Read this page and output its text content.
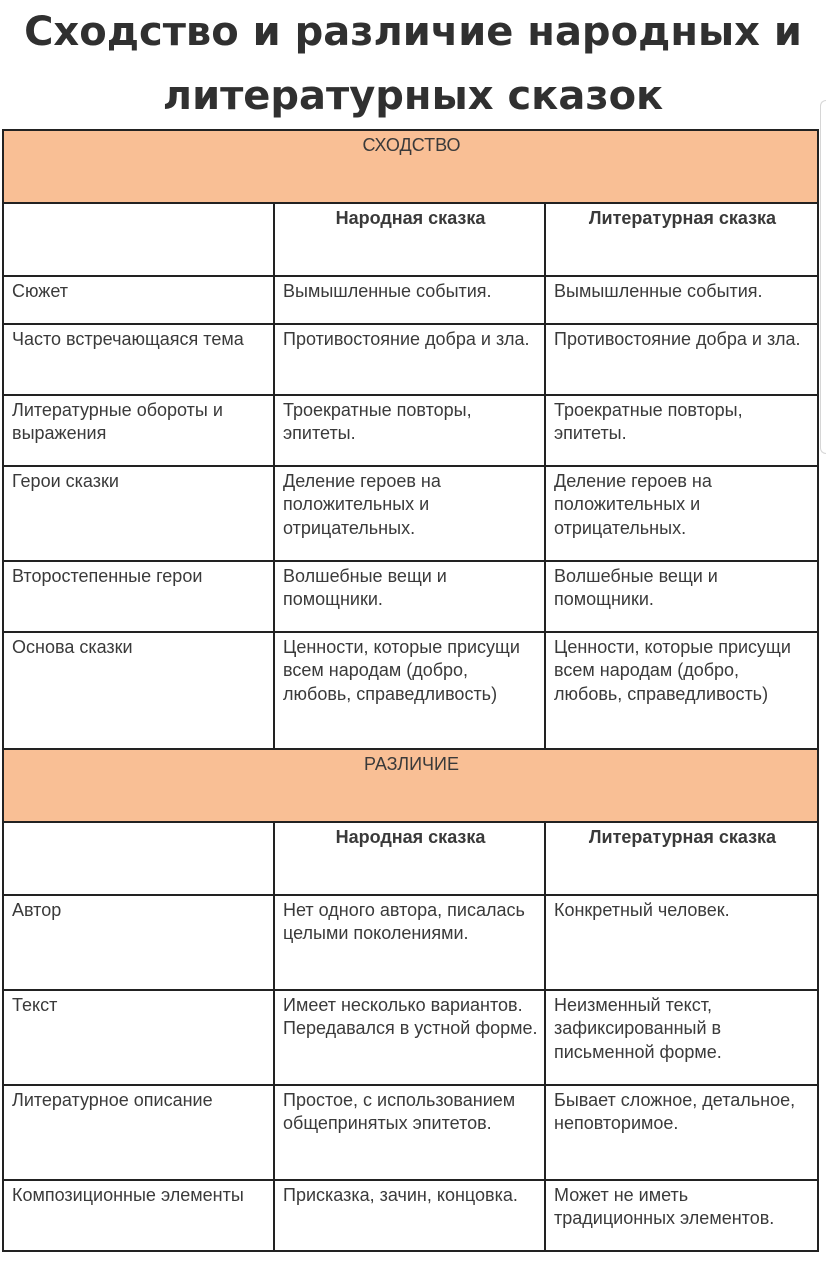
Сходство и различие народных и
литературных сказок
СХОДСТВО		
	Народная сказка	Литературная сказка
Сюжет	Вымышленные события.	Вымышленные события.
Часто встречающаяся тема	Противостояние добра и зла.	Противостояние добра и зла.
Литературные обороты и выражения	Троекратные повторы, эпитеты.	Троекратные повторы, эпитеты.
Герои сказки	Деление героев на положительных и отрицательных.	Деление героев на положительных и отрицательных.
Второстепенные герои	Волшебные вещи и помощники.	Волшебные вещи и помощники.
Основа сказки	Ценности, которые присущи всем народам (добро, любовь, справедливость)	Ценности, которые присущи всем народам (добро, любовь, справедливость)
РАЗЛИЧИЕ		
	Народная сказка	Литературная сказка
Автор	Нет одного автора, писалась целыми поколениями.	Конкретный человек.
Текст	Имеет несколько вариантов. Передавался в устной форме.	Неизменный текст, зафиксированный в письменной форме.
Литературное описание	Простое, с использованием общепринятых эпитетов.	Бывает сложное, детальное, неповторимое.
Композиционные элементы	Присказка, зачин, концовка.	Может не иметь традиционных элементов.
